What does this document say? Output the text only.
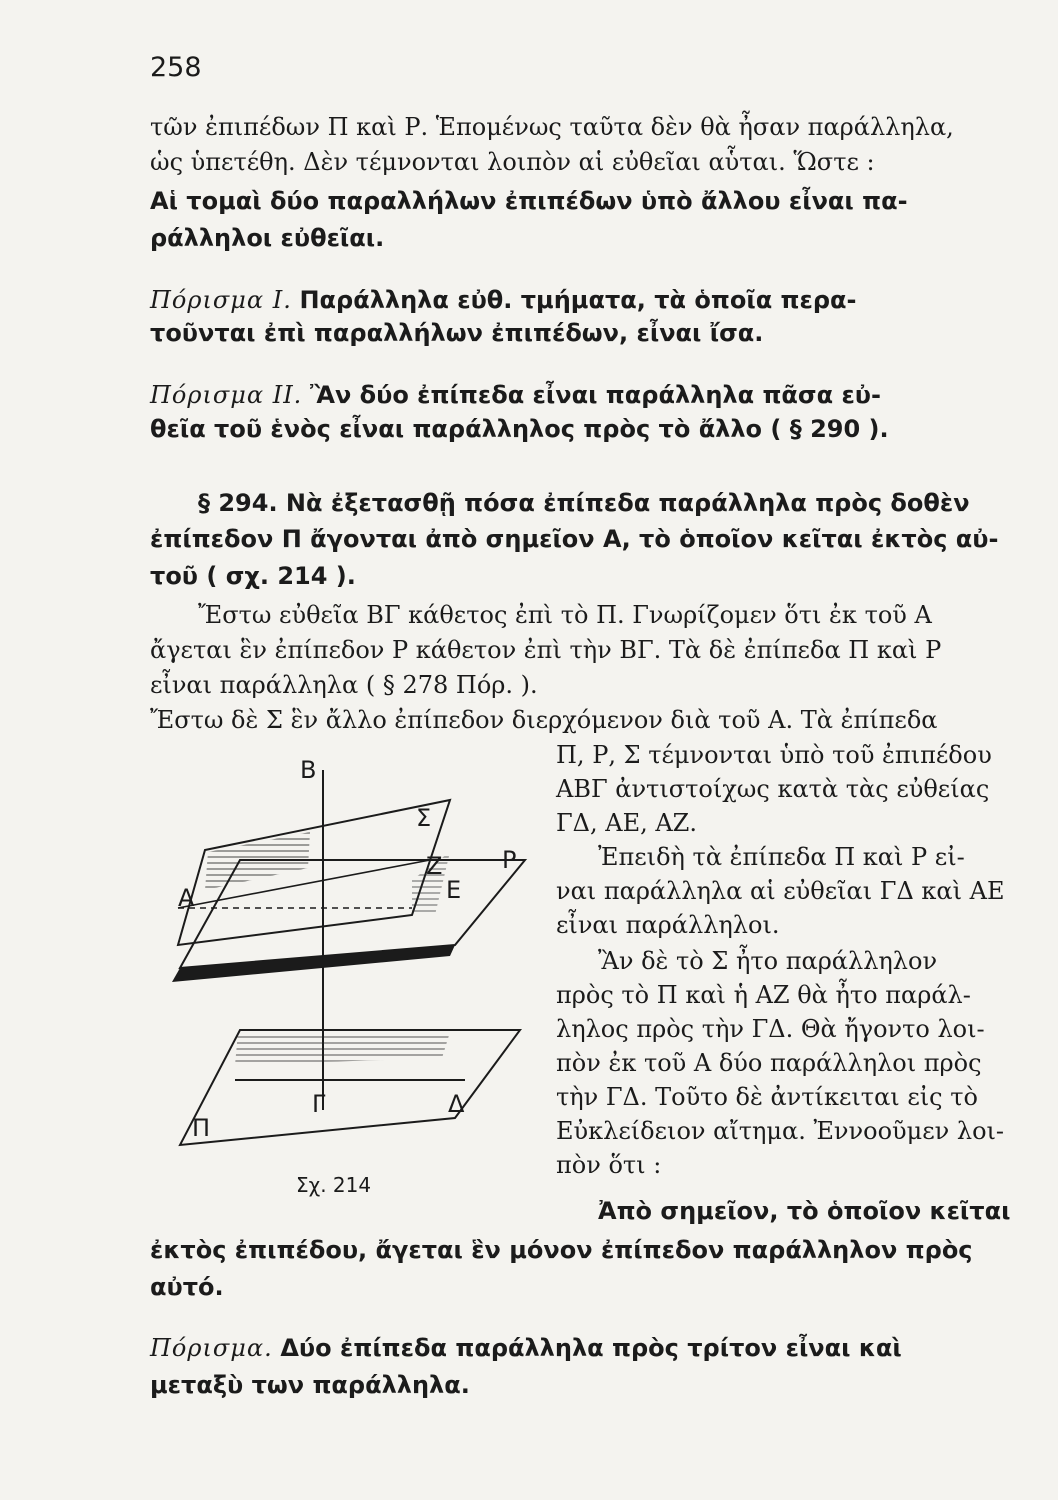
258
τῶν ἐπιπέδων Π καὶ Ρ. Ἑπομένως ταῦτα δὲν θὰ ἦσαν παράλληλα,
ὡς ὑπετέθη. Δὲν τέμνονται λοιπὸν αἱ εὐθεῖαι αὗται. Ὥστε :
Αἱ τομαὶ δύο παραλλήλων ἐπιπέδων ὑπὸ ἄλλου εἶναι πα-
ράλληλοι εὐθεῖαι.
Πόρισμα Ι. Παράλληλα εὐθ. τμήματα, τὰ ὁποῖα περα-
τοῦνται ἐπὶ παραλλήλων ἐπιπέδων, εἶναι ἴσα.
Πόρισμα ΙΙ. Ἂν δύο ἐπίπεδα εἶναι παράλληλα πᾶσα εὐ-
θεῖα τοῦ ἑνὸς εἶναι παράλληλος πρὸς τὸ ἄλλο ( § 290 ).
§ 294. Νὰ ἐξετασθῇ πόσα ἐπίπεδα παράλληλα πρὸς δοθὲν
ἐπίπεδον Π ἄγονται ἀπὸ σημεῖον Α, τὸ ὁποῖον κεῖται ἐκτὸς αὐ-
τοῦ ( σχ. 214 ).
Ἔστω εὐθεῖα ΒΓ κάθετος ἐπὶ τὸ Π. Γνωρίζομεν ὅτι ἐκ τοῦ Α
ἄγεται ἓν ἐπίπεδον Ρ κάθετον ἐπὶ τὴν ΒΓ. Τὰ δὲ ἐπίπεδα Π καὶ Ρ
εἶναι παράλληλα ( § 278 Πόρ. ).
Ἔστω δὲ Σ ἓν ἄλλο ἐπίπεδον διερχόμενον διὰ τοῦ Α. Τὰ ἐπίπεδα
Π, Ρ, Σ τέμνονται ὑπὸ τοῦ ἐπιπέδου
ΑΒΓ ἀντιστοίχως κατὰ τὰς εὐθείας
ΓΔ, ΑΕ, ΑΖ.
Ἐπειδὴ τὰ ἐπίπεδα Π καὶ Ρ εἰ-
ναι παράλληλα αἱ εὐθεῖαι ΓΔ καὶ ΑΕ
εἶναι παράλληλοι.
Ἂν δὲ τὸ Σ ἦτο παράλληλον
πρὸς τὸ Π καὶ ἡ ΑΖ θὰ ἦτο παράλ-
ληλος πρὸς τὴν ΓΔ. Θὰ ἤγοντο λοι-
πὸν ἐκ τοῦ Α δύο παράλληλοι πρὸς
τὴν ΓΔ. Τοῦτο δὲ ἀντίκειται εἰς τὸ
Εὐκλείδειον αἴτημα. Ἐννοοῦμεν λοι-
πὸν ὅτι :
Ἀπὸ σημεῖον, τὸ ὁποῖον κεῖται
ἐκτὸς ἐπιπέδου, ἄγεται ἓν μόνον ἐπίπεδον παράλληλον πρὸς
αὐτό.
Πόρισμα. Δύο ἐπίπεδα παράλληλα πρὸς τρίτον εἶναι καὶ
μεταξὺ των παράλληλα.
Β
Σ
Ζ Ρ
Α	Ε
Γ	Δ
Π
Σχ. 214
